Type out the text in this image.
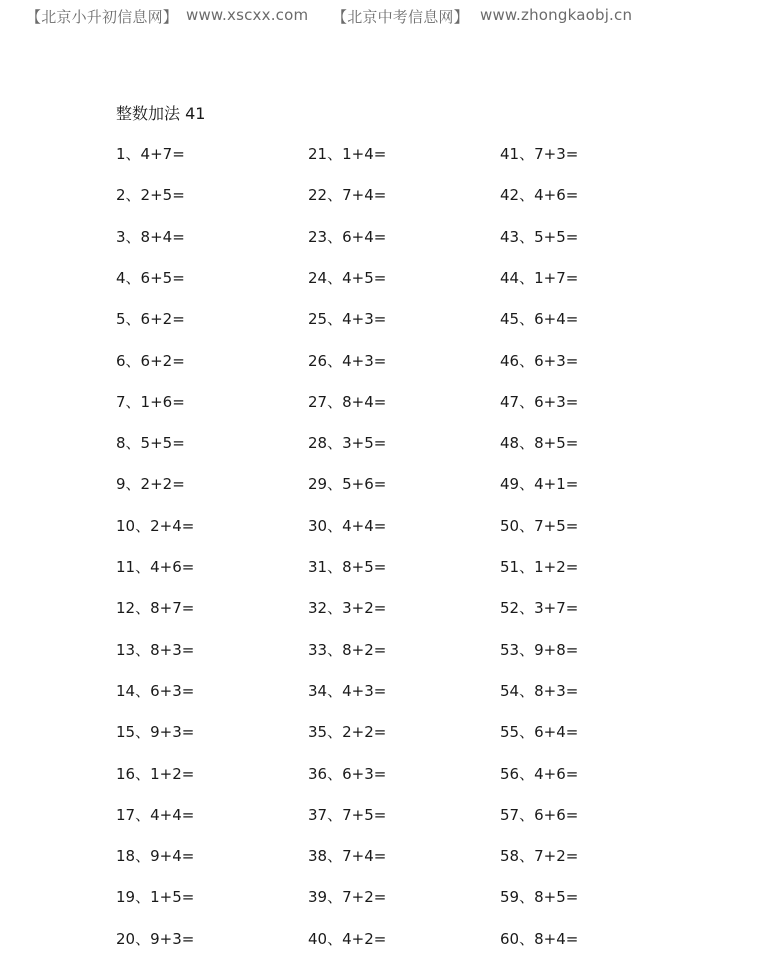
【北京小升初信息网】 www.xscxx.com 【北京中考信息网】 www.zhongkaobj.cn
整数加法 41
1、4+7=
2、2+5=
3、8+4=
4、6+5=
5、6+2=
6、6+2=
7、1+6=
8、5+5=
9、2+2=
10、2+4=
11、4+6=
12、8+7=
13、8+3=
14、6+3=
15、9+3=
16、1+2=
17、4+4=
18、9+4=
19、1+5=
20、9+3=
21、1+4=
22、7+4=
23、6+4=
24、4+5=
25、4+3=
26、4+3=
27、8+4=
28、3+5=
29、5+6=
30、4+4=
31、8+5=
32、3+2=
33、8+2=
34、4+3=
35、2+2=
36、6+3=
37、7+5=
38、7+4=
39、7+2=
40、4+2=
41、7+3=
42、4+6=
43、5+5=
44、1+7=
45、6+4=
46、6+3=
47、6+3=
48、8+5=
49、4+1=
50、7+5=
51、1+2=
52、3+7=
53、9+8=
54、8+3=
55、6+4=
56、4+6=
57、6+6=
58、7+2=
59、8+5=
60、8+4=
